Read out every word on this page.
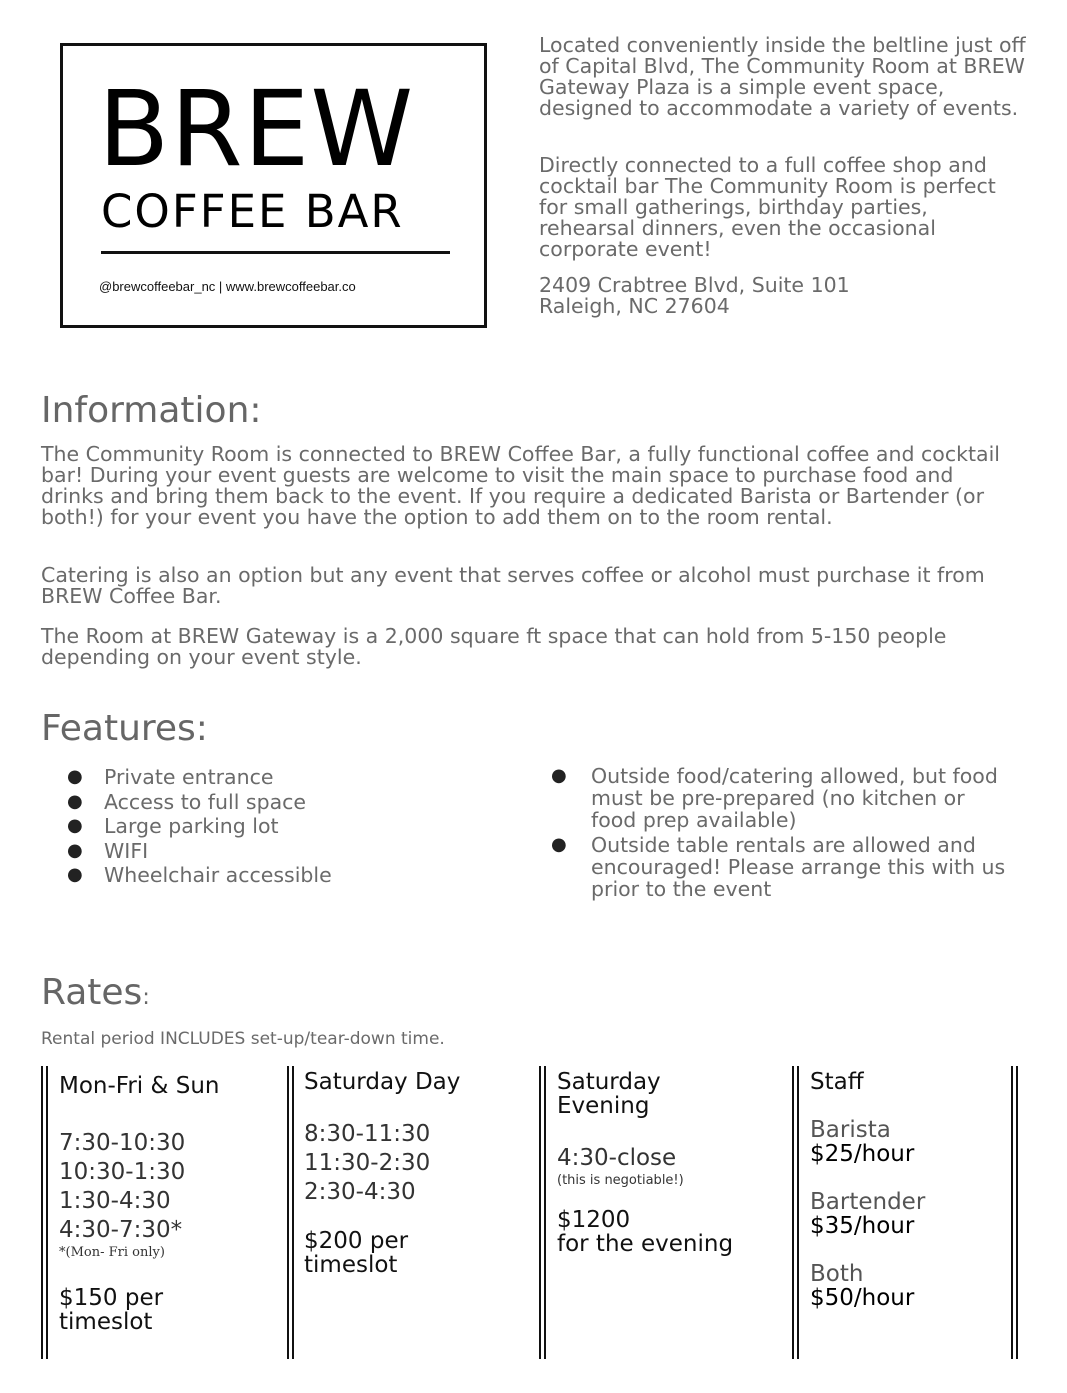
BREW
COFFEE BAR
@brewcoffeebar_nc | www.brewcoffeebar.co

Located conveniently inside the beltline just off of Capital Blvd, The Community Room at BREW Gateway Plaza is a simple event space, designed to accommodate a variety of events.

Directly connected to a full coffee shop and cocktail bar The Community Room is perfect for small gatherings, birthday parties, rehearsal dinners, even the occasional corporate event!

2409 Crabtree Blvd, Suite 101
Raleigh, NC 27604
Information:

The Community Room is connected to BREW Coffee Bar, a fully functional coffee and cocktail bar! During your event guests are welcome to visit the main space to purchase food and drinks and bring them back to the event. If you require a dedicated Barista or Bartender (or both!) for your event you have the option to add them on to the room rental.

Catering is also an option but any event that serves coffee or alcohol must purchase it from BREW Coffee Bar.

The Room at BREW Gateway is a 2,000 square ft space that can hold from 5-150 people depending on your event style.

Features:
● Private entrance
● Access to full space
● Large parking lot
● WIFI
● Wheelchair accessible
● Outside food/catering allowed, but food must be pre-prepared (no kitchen or food prep available)
● Outside table rentals are allowed and encouraged! Please arrange this with us prior to the event
Rates:
Rental period INCLUDES set-up/tear-down time.
Mon-Fri & Sun
7:30-10:30
10:30-1:30
1:30-4:30
4:30-7:30*
*(Mon- Fri only)
$150 per
timeslot
Saturday Day
8:30-11:30
11:30-2:30
2:30-4:30
$200 per
timeslot
Saturday
Evening
4:30-close
(this is negotiable!)
$1200
for the evening
Staff
Barista
$25/hour
Bartender
$35/hour
Both
$50/hour
